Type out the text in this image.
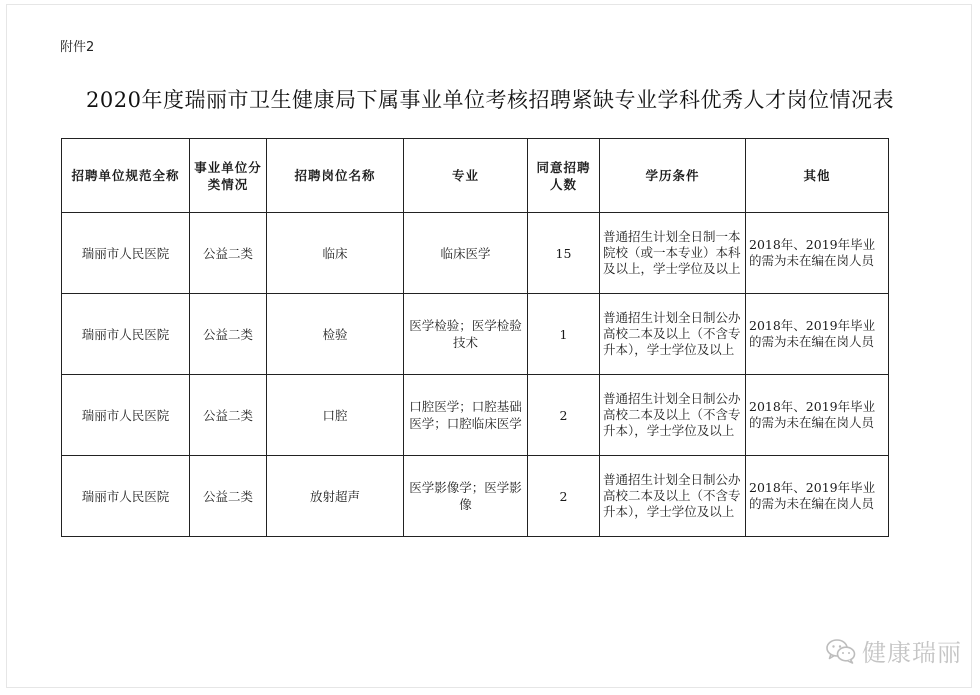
附件2
2020年度瑞丽市卫生健康局下属事业单位考核招聘紧缺专业学科优秀人才岗位情况表
招聘单位规范全称	事业单位分类情况	招聘岗位名称	专业	同意招聘人数	学历条件	其他
瑞丽市人民医院	公益二类	临床	临床医学	15	普通招生计划全日制一本院校（或一本专业）本科及以上，学士学位及以上	2018年、2019年毕业的需为未在编在岗人员
瑞丽市人民医院	公益二类	检验	医学检验；医学检验技术	1	普通招生计划全日制公办高校二本及以上（不含专升本），学士学位及以上	2018年、2019年毕业的需为未在编在岗人员
瑞丽市人民医院	公益二类	口腔	口腔医学；口腔基础医学；口腔临床医学	2	普通招生计划全日制公办高校二本及以上（不含专升本），学士学位及以上	2018年、2019年毕业的需为未在编在岗人员
瑞丽市人民医院	公益二类	放射超声	医学影像学；医学影像	2	普通招生计划全日制公办高校二本及以上（不含专升本），学士学位及以上	2018年、2019年毕业的需为未在编在岗人员
健康瑞丽
